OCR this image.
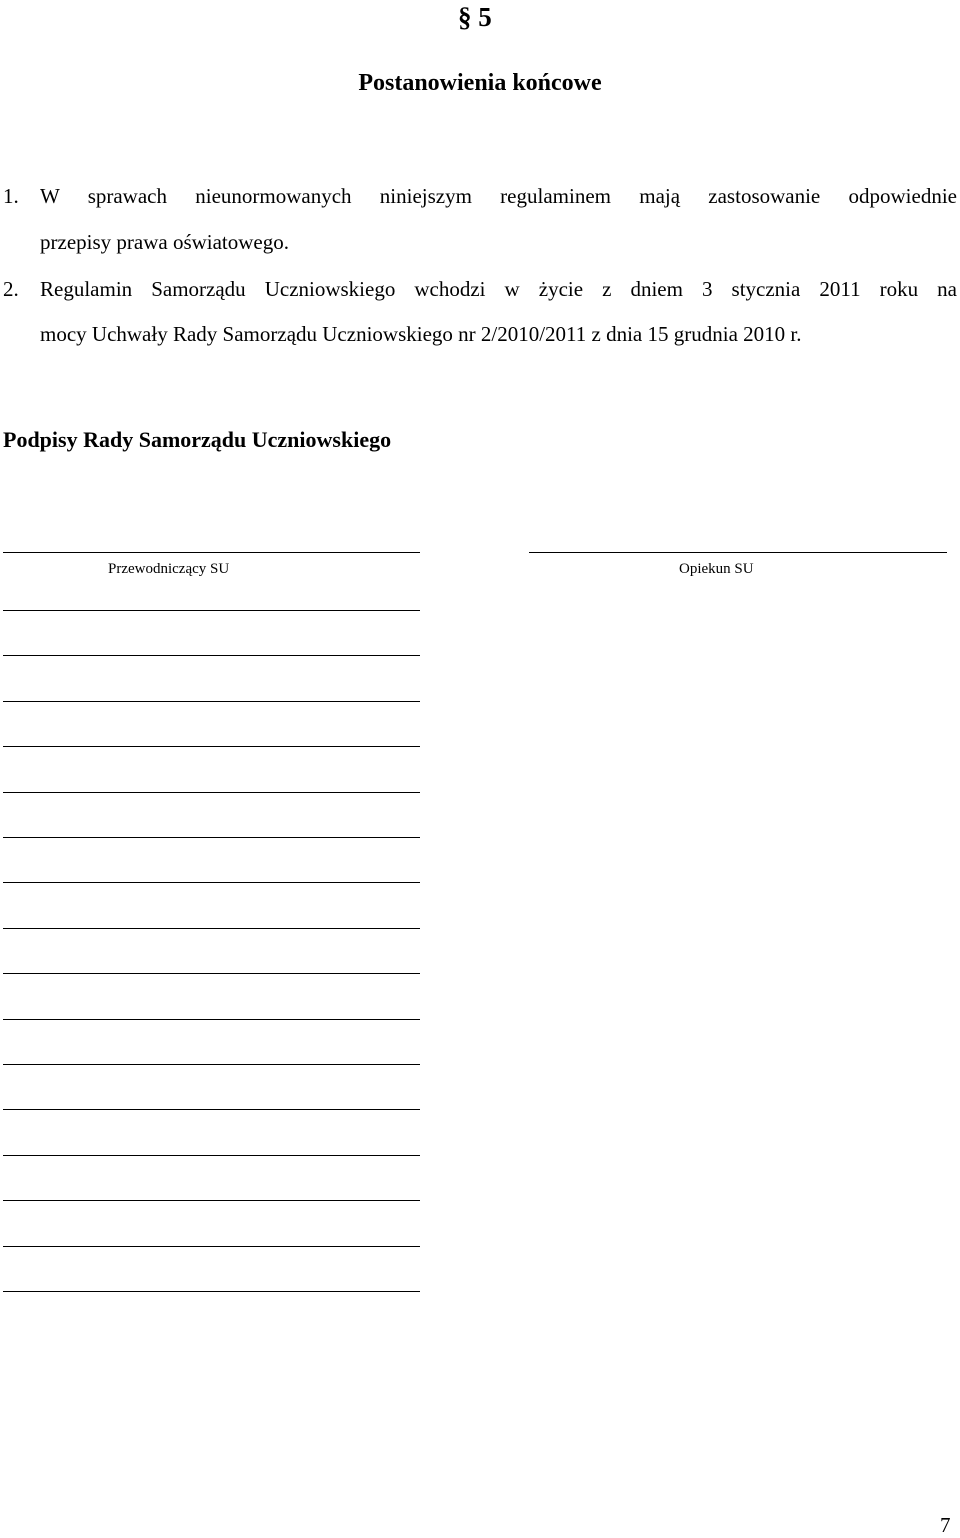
§ 5
Postanowienia końcowe
1. W sprawach nieunormowanych niniejszym regulaminem mają zastosowanie odpowiednie
przepisy prawa oświatowego.
2. Regulamin Samorządu Uczniowskiego wchodzi w życie z dniem 3 stycznia 2011 roku na
mocy Uchwały Rady Samorządu Uczniowskiego nr 2/2010/2011 z dnia 15 grudnia 2010 r.
Podpisy Rady Samorządu Uczniowskiego
Przewodniczący SU	Opiekun SU
7
